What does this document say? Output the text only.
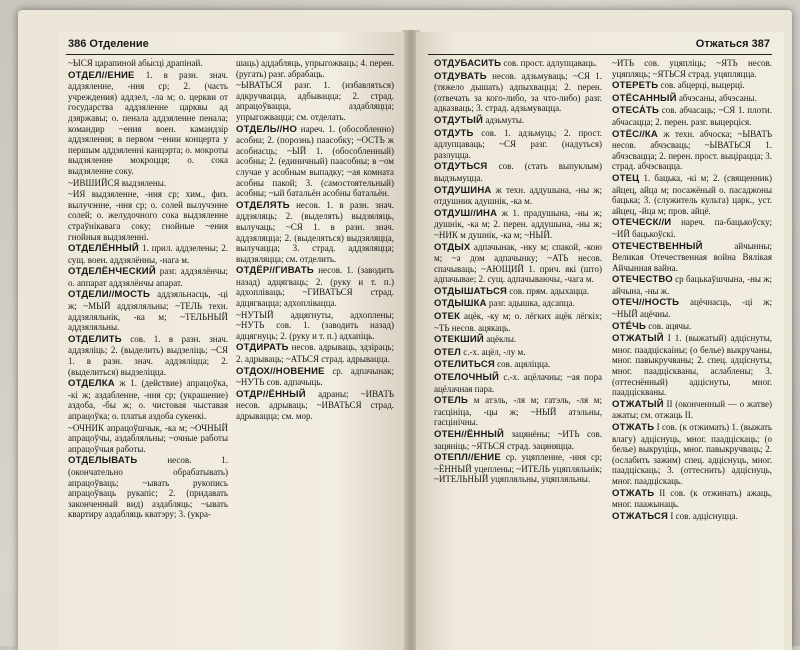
386 Отделение

~ЫСЯ царапиной абы́сці драпінай.

ОТДЕЛ//ЕНИЕ 1. в разн. знач. аддзяленне, -ння ср; 2. (часть учреждения) аддзел, -ла м; о. церкви от государства аддзяленне царквы ад дзяржавы; о. пенала аддзяленне пенала; командир ~ения воен. камандзір аддзялення; в первом ~ении концерта у першым аддзяленні канцэрта; о. мокроты выдзяленне мокроцця; о. сока выдзяленне соку.

~ИВШИЙСЯ выдзялены.

~ИЯ выдзяленне, -ння ср; хим., физ. вылучэнне, -ння ср; о. солей вылучэнне солей; о. желудочного сока выдзяленне страўнікавага соку; гнойные ~ения гнойныя выдзяленні.

ОТДЕЛЁННЫЙ 1. прил. аддзелены; 2. сущ. воен. аддзялённы, -нага м.

ОТДЕЛЁНЧЕСКИЙ разг. аддзялёнчы; о. аппарат аддзялёнчы апарат.

ОТДЕЛИ//МОСТЬ аддзяльнасць, -ці ж; ~МЫЙ аддзяляльны; ~ТЕЛЬ техн. аддзяляльнік, -ка м; ~ТЕЛЬНЫЙ аддзяляльны.

ОТДЕЛИТЬ сов. 1. в разн. знач. аддзяліць; 2. (выделить) выдзеліць; ~СЯ 1. в разн. знач. аддзяліцца; 2. (выделиться) выдзеліцца.

ОТДЕЛКА ж 1. (действие) апрацоўка, -кі ж; аздабленне, -ння ср; (украшение) аздоба, -бы ж; о. чистовая чыставая апрацоўка; о. платья аздоба сукенкі.

~ОЧНИК апрацоўшчык, -ка м; ~ОЧНЫЙ апрацоўчы, аздабляльны; ~очные работы апрацоўчыя работы.

ОТДЕЛЫВАТЬ	несов. 1. (окончательно обрабатывать) апрацоўваць; ~ывать рукопись апрацоўваць рукапіс; 2. (придавать законченный вид) аздабляць; ~ывать квартиру аздабляць кватэру; 3. (укра-

шаць) аддабляць, упрыгожваць; 4. перен. (ругать) разг. абраба́ць.

~ЫВАТЬСЯ разг. 1. (избавляться) адкручвацца, адбывацца; 2. страд. апрацоўвацца, аздабляцца; упрыгожвацца; см. отделать.

ОТДЕЛЬ//НО нареч. 1. (обособленно) асобна; 2. (порознь) паасобку; ~ОСТЬ ж асобнасць; ~ЫЙ 1. (обособленный) асобны; 2. (единичный) паасобны; в ~ом случае у асобным выпадку; ~ая комната асобны пакой; 3. (самостоятельный) асобны; ~ый батальён асобны батальён.

ОТДЕЛЯТЬ несов. 1. в разн. знач. аддзяляць; 2. (выделять) выдзяляць, вылучаць; ~СЯ 1. в разн. знач. аддзяляцца; 2. (выделяться) выдзяляцца, вылучацца; 3. страд. аддзяляцца; выдзяляцца; см. отделить.

ОТДЁР//ГИВАТЬ несов. 1. (заводить назад) адцягваць; 2. (руку и т. п.) адхопліваць; ~ГИВАТЬСЯ страд. адцягвацца; адхоплівацца.

~НУТЫЙ адцягнуты, адхоплены; ~НУТЬ сов. 1. (заводить назад) адцягнуць; 2. (руку и т. п.) адхапіць.

ОТДИРАТЬ несов. адрываць, здзіраць; 2. адрываць; ~АТЬСЯ страд. адрывацца.

ОТДОХ//НОВЕНИЕ ср. адпачынак; ~НУТЬ сов. адпачыць.

ОТДР//ЁННЫЙ адраны; ~ИВАТЬ несов. адрываць; ~ИВАТЬСЯ страд. адрывацца; см. мор.

Отжаться 387

ОТДУБАСИТЬ сов. прост. адлупцаваць.

ОТДУВАТЬ несов. адзьмуваць; ~СЯ 1. (тяжело дышать) адпыхвацца; 2. перен. (отвечать за кого-либо, за что-либо) разг. адказваць; 3. страд. адзьмувацца.

ОТДУТЫЙ адзьмуты.

ОТДУТЬ сов. 1. адзьмуць; 2. прост. адлупцаваць; ~СЯ разг. (надуться) разлуцца.

ОТДУТЬСЯ сов. (стать выпуклым) выдзьмуцца.

ОТДУШИНА ж техн. аддушына, -ны ж; отдушник адушнік, -ка м.

ОТДУШ//ИНА ж 1. прадушына, -ны ж; душнік, -ка м; 2. перен. аддушына, -ны ж; ~НИК м душнік, -ка м; ~НЫЙ.

ОТДЫХ адпачынак, -нку м; спакой, -кою м; ~а дом адпачынку; ~АТЬ несов. спачываць; ~АЮЩИЙ 1. прич. які (што) адпачывае; 2. сущ. адпачываючы, -чага м.

ОТДЫШАТЬСЯ сов. прям. адыхацца.

ОТДЫШКА разг. адышка, адсапца.

ОТЕК ацёк, -ку м; о. лёгких ацёк лёгкіх; ~ТЬ несов. ацякаць.

ОТЕКШИЙ ацёклы.

ОТЕЛ с.-х. ацёл, -лу м.

ОТЕЛИТЬСЯ сов. ацяліцца.

ОТЕЛОЧНЫЙ с.-х. ацёлачны; ~ая пора ацёлачная пара.

ОТЕЛЬ м атэль, -ля м; гатэль, -ля м; гасцініца, -цы ж; ~НЫЙ атэльны, гасцінічны.

ОТЕН//ЁННЫЙ зацянёны; ~ИТЬ сов. зацяніць; ~ЯТЬСЯ страд. зацяняцца.

ОТЕПЛ//ЕНИЕ ср. уцяпленне, -ння ср; ~ЁННЫЙ уцеплены; ~ИТЕЛЬ уцяпляльнік; ~ИТЕЛЬНЫЙ уцяпляльны, уцяпляльны.

~ИТЬ сов. уцяпліць; ~ЯТЬ несов. уцяпляць; ~ЯТЬСЯ страд. уцяпляцца.

ОТЕРЕТЬ сов. абцерці, выцерці.

ОТЁСАННЫЙ абчэсаны, абчэсаны.

ОТЕСА́ТЬ сов. абчасаць; ~СЯ 1. плоти. абчасацца; 2. перен. разг. выцерціся.

ОТЁС//КА ж техн. абчоска; ~ЫВАТЬ несов. абчэсваць; ~ЫВАТЬСЯ 1. абчэсвацца; 2. перен. прост. выцірацца; 3. страд. абчэсвацца.

ОТЕЦ 1. бацька, -кі м; 2. (священник) айцец, айца м; посажёный о. пасаджоны бацька; 3. (служитель культа) царк., уст. айцец, -йца м; пров. айцё.

ОТЕЧЕСК//И нареч. па-бацькоўску; ~ИЙ бацькоўскі.

ОТЕЧЕСТВЕННЫЙ	айчынны; Великая Отечественная война Вялікая Айчынная вайна.

ОТЕЧЕСТВО ср бацькаўшчына, -ны ж; айчына, -ны ж.

ОТЕЧ//НОСТЬ ацёчнасць, -ці ж; ~НЫЙ ацёчны.

ОТЕ́ЧЬ сов. ацячы.

ОТЖАТЫЙ I 1. (выжатый) адціснуты, мног. паадціскаіны; (о белье) выкручаны, мног. павыкручваны; 2. спец. адціснуты, мног. паадціскваны, аслаблены; 3. (оттеснённый) адціснуты, мног. паадціскваны.

ОТЖАТЫЙ II (оконченный — о жатве) ажаты; см. отжаць II.

ОТЖАТЬ I сов. (к отжимать) 1. (выжать влагу) адціснуць, мног. паадціскаць; (о белье) выкруціць, мног. павыкручваць; 2. (ослабить зажим) спец. адціснуць, мног. паадціскаць; 3. (оттеснить) адціснуць, мног. паадціскаць.

ОТЖАТЬ II сов. (к отжинать) ажаць, мног. паажынаць.

ОТЖАТЬСЯ I сов. адціснуцца.
